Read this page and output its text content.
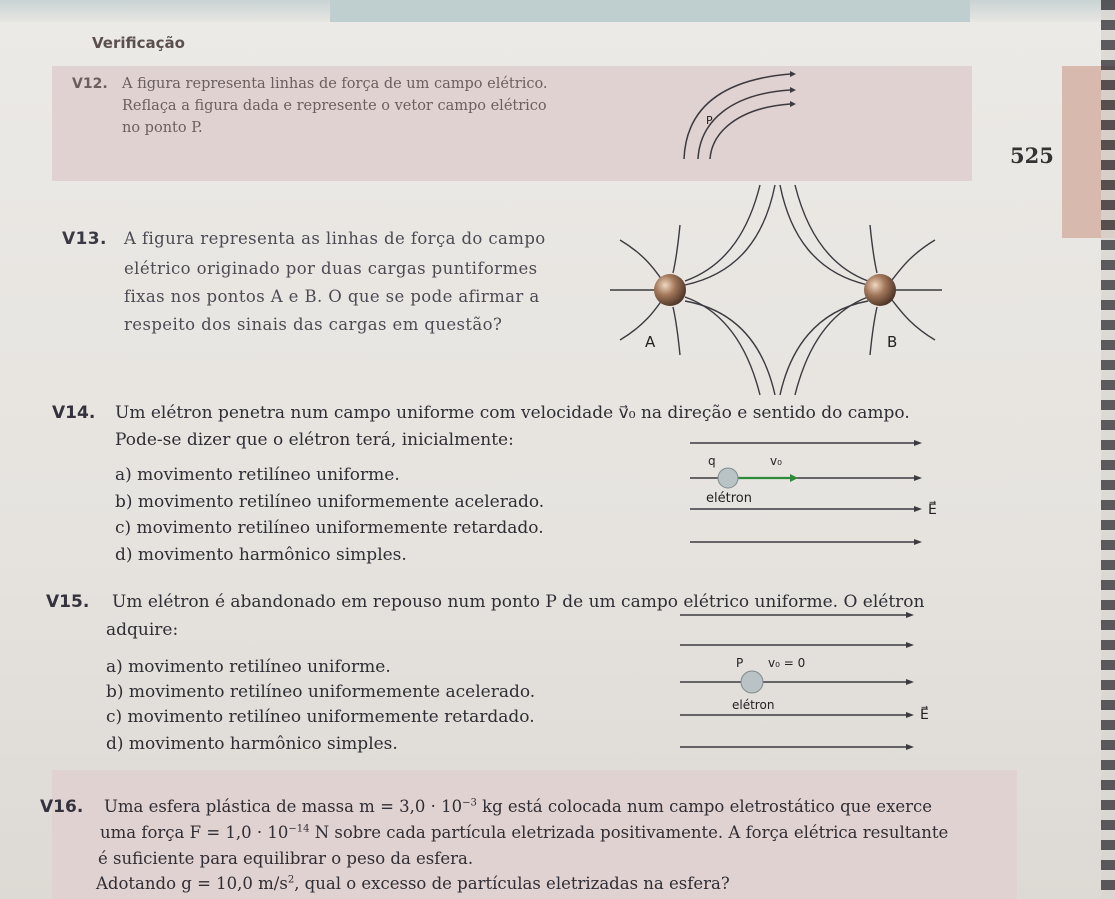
Verificação

525

V12. A figura representa linhas de força de um campo elétrico.

Reflaça a figura dada e represente o vetor campo elétrico

no ponto P.	P

V13. A figura representa as linhas de força do campo

elétrico originado por duas cargas puntiformes

fixas nos pontos A e B. O que se pode afirmar a

respeito dos sinais das cargas em questão?

A	B

V14. Um elétron penetra num campo uniforme com velocidade v⃗₀ na direção e sentido do campo.

Pode-se dizer que o elétron terá, inicialmente:

a) movimento retilíneo uniforme.

b) movimento retilíneo uniformemente acelerado.

c) movimento retilíneo uniformemente retardado.

d) movimento harmônico simples.

q	v₀
elétron
E⃗

V15. Um elétron é abandonado em repouso num ponto P de um campo elétrico uniforme. O elétron

adquire:

a) movimento retilíneo uniforme.

b) movimento retilíneo uniformemente acelerado.

c) movimento retilíneo uniformemente retardado.

d) movimento harmônico simples.

P v₀ = 0
elétron
E⃗

V16. Uma esfera plástica de massa $m = 3,0 \cdot 10^{-3}$ kg está colocada num campo eletrostático que exerce

uma força $F = 1,0 \cdot 10^{-14}$ N sobre cada partícula eletrizada positivamente. A força elétrica resultante

é suficiente para equilibrar o peso da esfera.

Adotando g = 10,0 $m/s^2$, qual o excesso de partículas eletrizadas na esfera?
